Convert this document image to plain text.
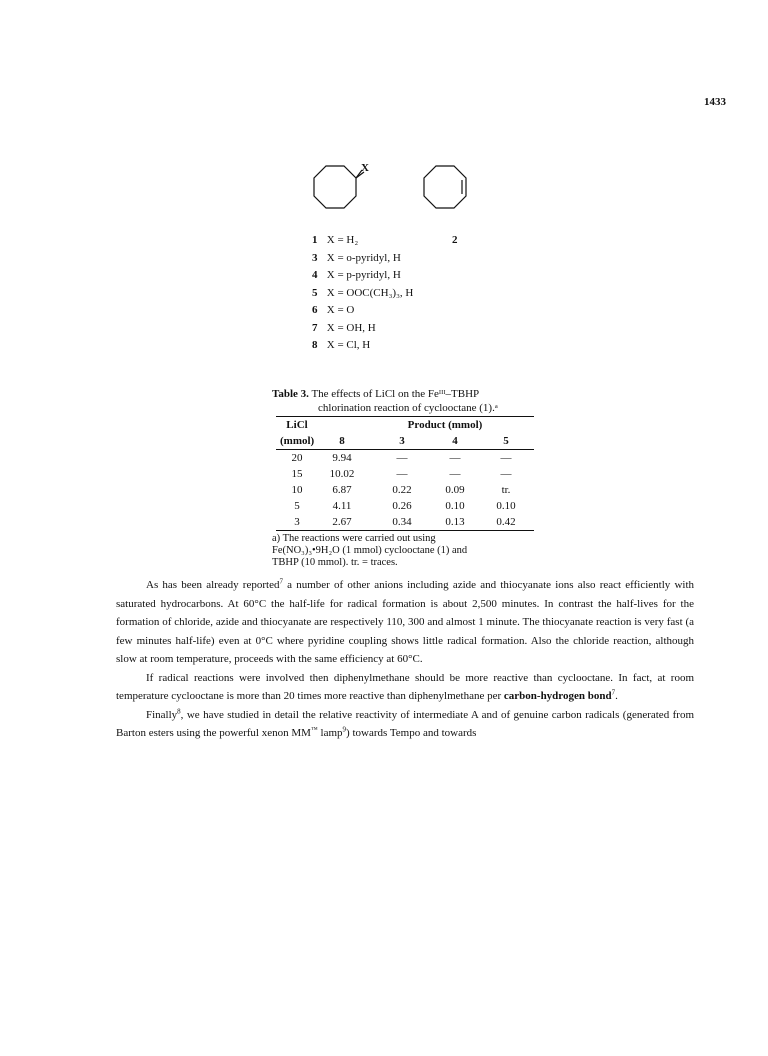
1433
X
1 X = H₂	2
3 X = o-pyridyl, H
4 X = p-pyridyl, H
5 X = OOC(CH₃)₃, H
6 X = O
7 X = OH, H
8 X = Cl, H
Table 3. The effects of LiCl on the Feᴵᴵᴵ–TBHP
chlorination reaction of cyclooctane (1).ᵃ
LiCl	Product (mmol)
(mmol)	8	3	4	5
20	9.94	—	—	—
15	10.02	—	—	—
10	6.87	0.22	0.09	tr.
5	4.11	0.26	0.10	0.10
3	2.67	0.34	0.13	0.42
a) The reactions were carried out using
Fe(NO₃)₃•9H₂O (1 mmol) cyclooctane (1) and
TBHP (10 mmol). tr. = traces.

As has been already reported$^7$ a number of other anions including azide and thiocyanate ions also react efficiently with saturated hydrocarbons. At 60°C the half-life for radical formation is about 2,500 minutes. In contrast the half-lives for the formation of chloride, azide and thiocyanate are respectively 110, 300 and almost 1 minute. The thiocyanate reaction is very fast (a few minutes half-life) even at 0°C where pyridine coupling shows little radical formation. Also the chloride reaction, although slow at room temperature, proceeds with the same efficiency at 60°C.

If radical reactions were involved then diphenylmethane should be more reactive than cyclooctane. In fact, at room temperature cyclooctane is more than 20 times more reactive than diphenylmethane per carbon-hydrogen bond$^7$.

Finally$^8$, we have studied in detail the relative reactivity of intermediate A and of genuine carbon radicals (generated from Barton esters using the powerful xenon MM™ lamp$^9$) towards Tempo and towards
